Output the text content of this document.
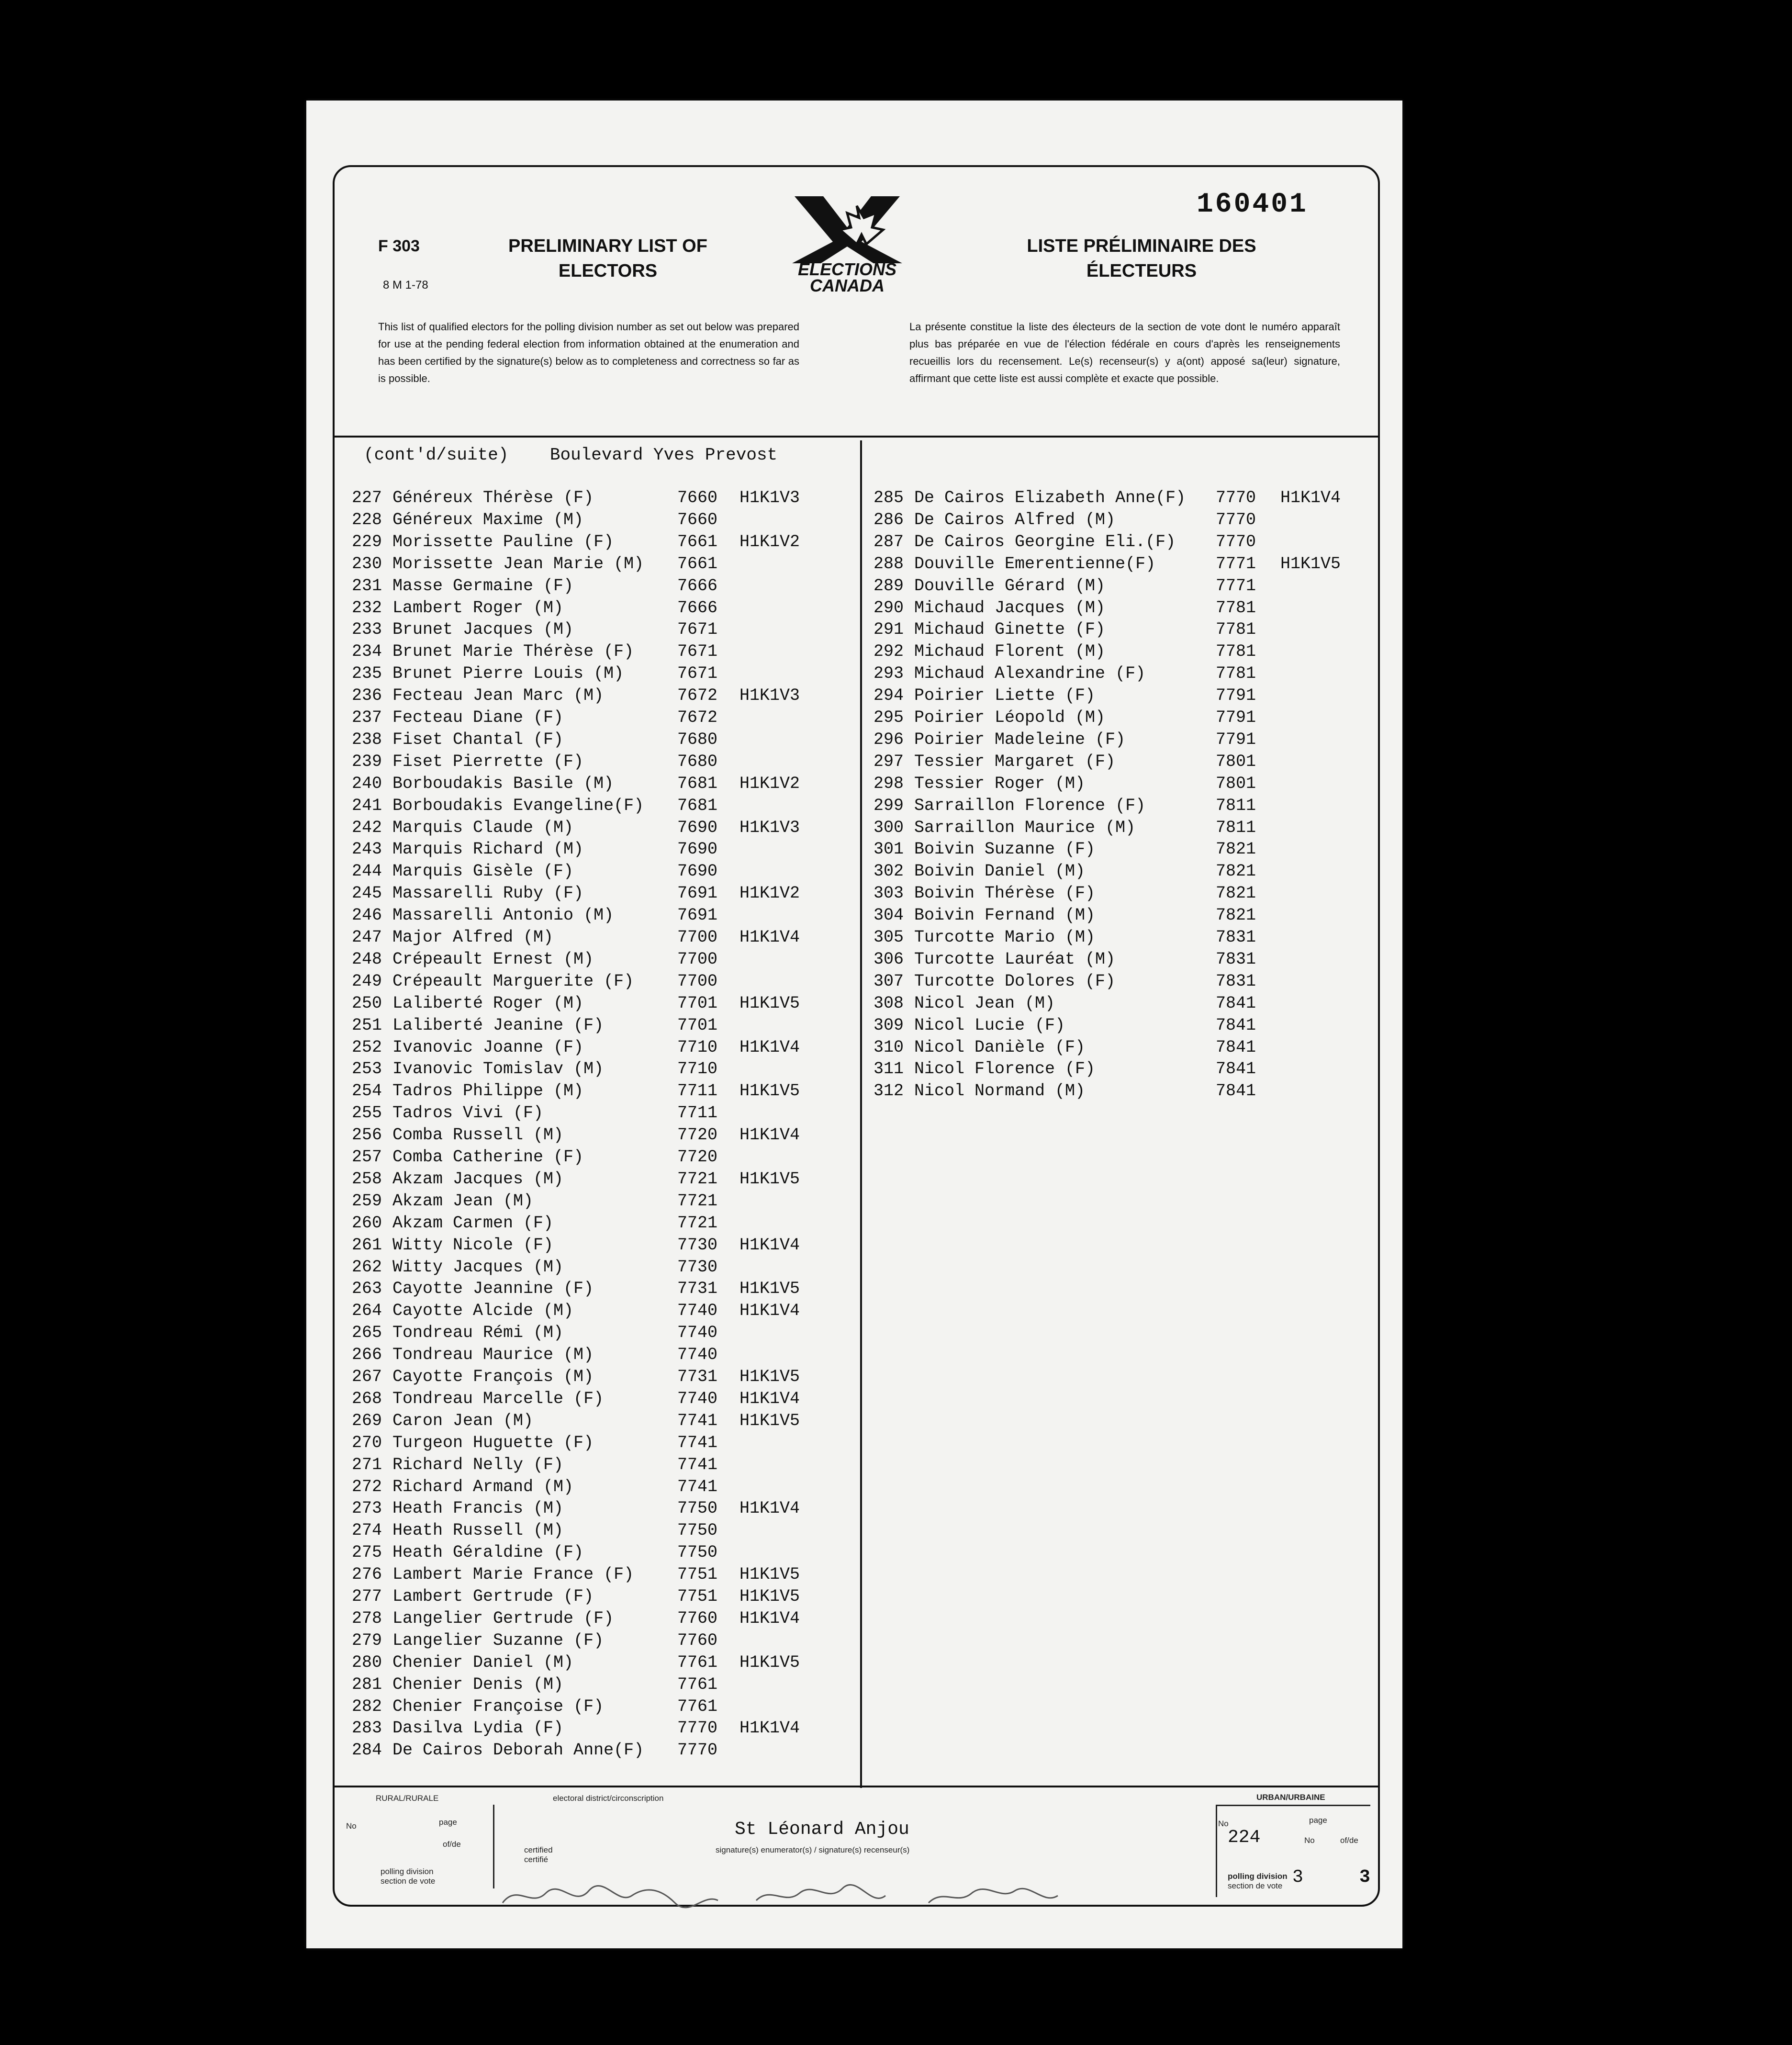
F 303
8 M 1-78
PRELIMINARY LIST OF
ELECTORS	ELECTIONS
CANADA
160401
LISTE PRÉLIMINAIRE DES
ÉLECTEURS
This list of qualified electors for the polling division number as set out below was prepared for use at the pending federal election from information obtained at the enumeration and has been certified by the signature(s) below as to completeness and correctness so far as is possible.
La présente constitue la liste des électeurs de la section de vote dont le numéro apparaît plus bas préparée en vue de l'élection fédérale en cours d'après les renseignements recueillis lors du recensement. Le(s) recenseur(s) y a(ont) apposé sa(leur) signature, affirmant que cette liste est aussi complète et exacte que possible.
(cont'd/suite) Boulevard Yves Prevost
227 Généreux Thérèse (F)	7660 H1K1V3
228 Généreux Maxime (M)	7660
229 Morissette Pauline (F)	7661 H1K1V2
230 Morissette Jean Marie (M) 7661
231 Masse Germaine (F)	7666
232 Lambert Roger (M)	7666
233 Brunet Jacques (M)	7671
234 Brunet Marie Thérèse (F)	7671
235 Brunet Pierre Louis (M)	7671
236 Fecteau Jean Marc (M)	7672 H1K1V3
237 Fecteau Diane (F)	7672
238 Fiset Chantal (F)	7680
239 Fiset Pierrette (F)	7680
240 Borboudakis Basile (M)	7681 H1K1V2
241 Borboudakis Evangeline(F) 7681
242 Marquis Claude (M)	7690 H1K1V3
243 Marquis Richard (M)	7690
244 Marquis Gisèle (F)	7690
245 Massarelli Ruby (F)	7691 H1K1V2
246 Massarelli Antonio (M)	7691
247 Major Alfred (M)	7700 H1K1V4
248 Crépeault Ernest (M)	7700
249 Crépeault Marguerite (F)	7700
250 Laliberté Roger (M)	7701 H1K1V5
251 Laliberté Jeanine (F)	7701
252 Ivanovic Joanne (F)	7710 H1K1V4
253 Ivanovic Tomislav (M)	7710
254 Tadros Philippe (M)	7711 H1K1V5
255 Tadros Vivi (F)	7711
256 Comba Russell (M)	7720 H1K1V4
257 Comba Catherine (F)	7720
258 Akzam Jacques (M)	7721 H1K1V5
259 Akzam Jean (M)	7721
260 Akzam Carmen (F)	7721
261 Witty Nicole (F)	7730 H1K1V4
262 Witty Jacques (M)	7730
263 Cayotte Jeannine (F)	7731 H1K1V5
264 Cayotte Alcide (M)	7740 H1K1V4
265 Tondreau Rémi (M)	7740
266 Tondreau Maurice (M)	7740
267 Cayotte François (M)	7731 H1K1V5
268 Tondreau Marcelle (F)	7740 H1K1V4
269 Caron Jean (M)	7741 H1K1V5
270 Turgeon Huguette (F)	7741
271 Richard Nelly (F)	7741
272 Richard Armand (M)	7741
273 Heath Francis (M)	7750 H1K1V4
274 Heath Russell (M)	7750
275 Heath Géraldine (F)	7750
276 Lambert Marie France (F)	7751 H1K1V5
277 Lambert Gertrude (F)	7751 H1K1V5
278 Langelier Gertrude (F)	7760 H1K1V4
279 Langelier Suzanne (F)	7760
280 Chenier Daniel (M)	7761 H1K1V5
281 Chenier Denis (M)	7761
282 Chenier Françoise (F)	7761
283 Dasilva Lydia (F)	7770 H1K1V4
284 De Cairos Deborah Anne(F) 7770
285 De Cairos Elizabeth Anne(F) 7770 H1K1V4
286 De Cairos Alfred (M)	7770
287 De Cairos Georgine Eli.(F) 7770
288 Douville Emerentienne(F)	7771 H1K1V5
289 Douville Gérard (M)	7771
290 Michaud Jacques (M)	7781
291 Michaud Ginette (F)	7781
292 Michaud Florent (M)	7781
293 Michaud Alexandrine (F)	7781
294 Poirier Liette (F)	7791
295 Poirier Léopold (M)	7791
296 Poirier Madeleine (F)	7791
297 Tessier Margaret (F)	7801
298 Tessier Roger (M)	7801
299 Sarraillon Florence (F)	7811
300 Sarraillon Maurice (M)	7811
301 Boivin Suzanne (F)	7821
302 Boivin Daniel (M)	7821
303 Boivin Thérèse (F)	7821
304 Boivin Fernand (M)	7821
305 Turcotte Mario (M)	7831
306 Turcotte Lauréat (M)	7831
307 Turcotte Dolores (F)	7831
308 Nicol Jean (M)	7841
309 Nicol Lucie (F)	7841
310 Nicol Danièle (F)	7841
311 Nicol Florence (F)	7841
312 Nicol Normand (M)	7841
RURAL/RURALE
No	page
of/de
polling division
section de vote
electoral district/circonscription
certified
certifié
signature(s) enumerator(s) / signature(s) recenseur(s)
URBAN/URBAINE
No	page
No	of/de
polling division
section de vote
St Léonard Anjou	224
3	3
